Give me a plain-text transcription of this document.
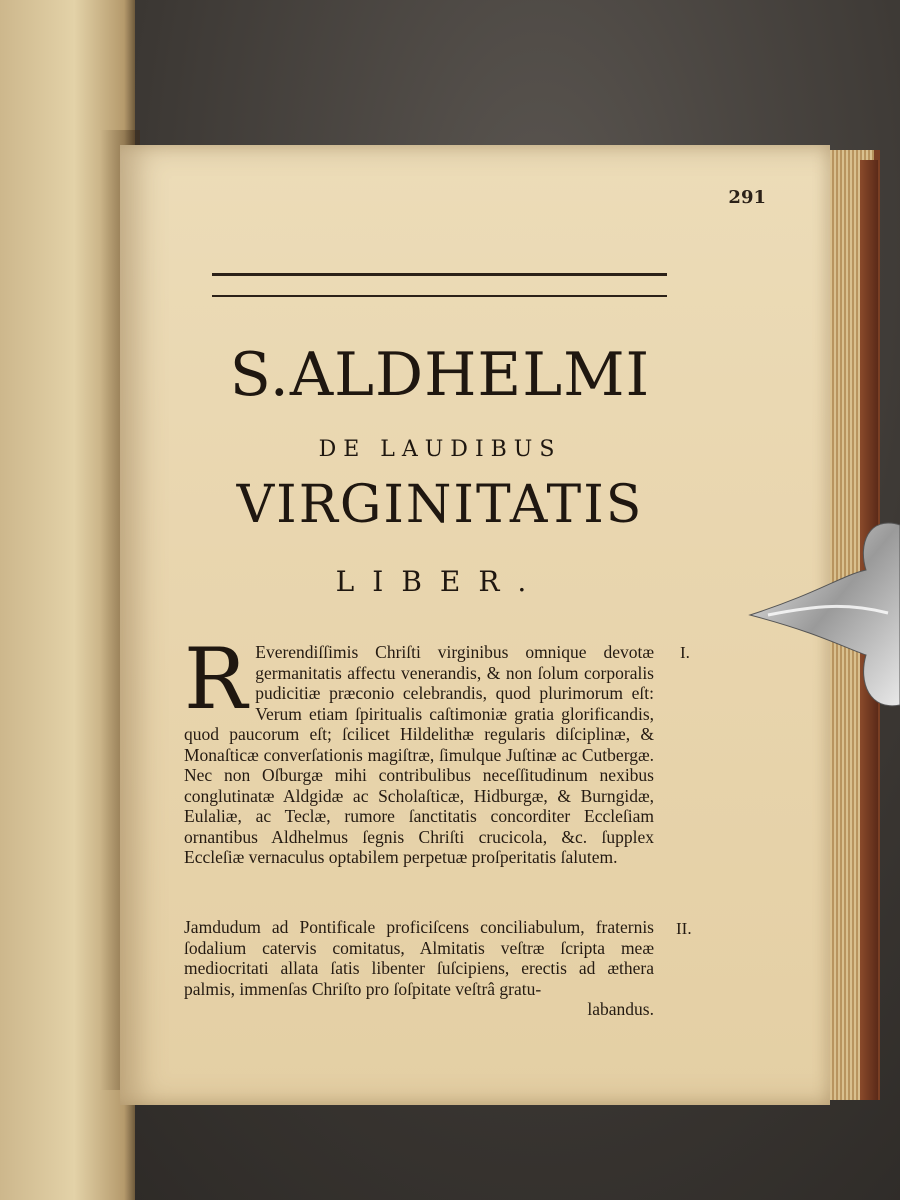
291
S.ALDHELMI
DE LAUDIBUS
VIRGINITATIS
LIBER.
I.
R Everendiſſimis Chriſti virginibus omnique devotæ germanitatis affectu venerandis, & non ſolum corporalis pudicitiæ præconio celebrandis, quod plurimorum eſt: Verum etiam ſpiritualis caſtimoniæ gratia glorificandis, quod paucorum eſt; ſcilicet Hildelithæ regularis diſciplinæ, & Monaſticæ converſationis magiſtræ, ſimulque Juſtinæ ac Cutbergæ. Nec non Oſburgæ mihi contribulibus neceſſitudinum nexibus conglutinatæ Aldgidæ ac Scholaſticæ, Hidburgæ, & Burngidæ, Eulaliæ, ac Teclæ, rumore ſanctitatis concorditer Eccleſiam ornantibus Aldhelmus ſegnis Chriſti crucicola, &c. ſupplex Eccleſiæ vernaculus optabilem perpetuæ proſperitatis ſalutem.
II.
Jamdudum ad Pontificale proficiſcens conciliabulum, fraternis ſodalium catervis comitatus, Almitatis veſtræ ſcripta meæ mediocritati allata ſatis libenter ſuſcipiens, erectis ad æthera palmis, immenſas Chriſto pro ſoſpitate veſtrâ gratu-
labandus.
